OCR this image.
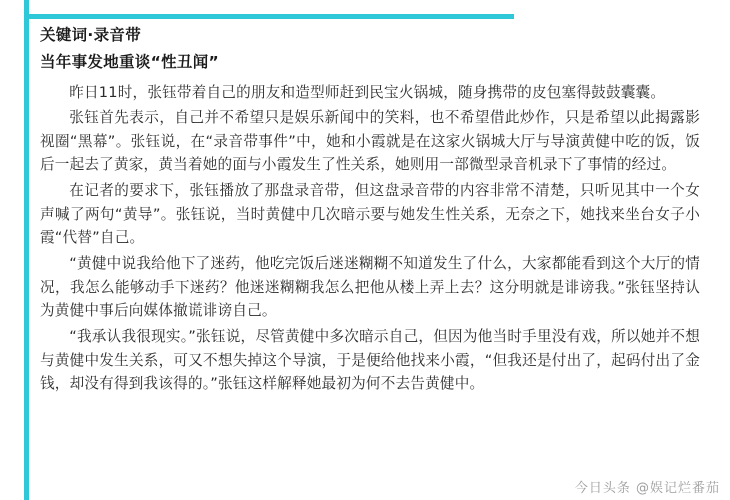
关键词·录音带
当年事发地重谈“性丑闻”

昨日11时，张钰带着自己的朋友和造型师赶到民宝火锅城，随身携带的皮包塞得鼓鼓囊囊。

张钰首先表示，自己并不希望只是娱乐新闻中的笑料，也不希望借此炒作，只是希望以此揭露影视圈“黑幕”。张钰说，在“录音带事件”中，她和小霞就是在这家火锅城大厅与导演黄健中吃的饭，饭后一起去了黄家，黄当着她的面与小霞发生了性关系，她则用一部微型录音机录下了事情的经过。

在记者的要求下，张钰播放了那盘录音带，但这盘录音带的内容非常不清楚，只听见其中一个女声喊了两句“黄导”。张钰说，当时黄健中几次暗示要与她发生性关系，无奈之下，她找来坐台女子小霞“代替”自己。

“黄健中说我给他下了迷药，他吃完饭后迷迷糊糊不知道发生了什么，大家都能看到这个大厅的情况，我怎么能够动手下迷药？他迷迷糊糊我怎么把他从楼上弄上去？这分明就是诽谤我。”张钰坚持认为黄健中事后向媒体撤谎诽谤自己。

“我承认我很现实。”张钰说，尽管黄健中多次暗示自己，但因为他当时手里没有戏，所以她并不想与黄健中发生关系，可又不想失掉这个导演，于是便给他找来小霞，“但我还是付出了，起码付出了金钱，却没有得到我该得的。”张钰这样解释她最初为何不去告黄健中。

今日头条 @娱记烂番茄
